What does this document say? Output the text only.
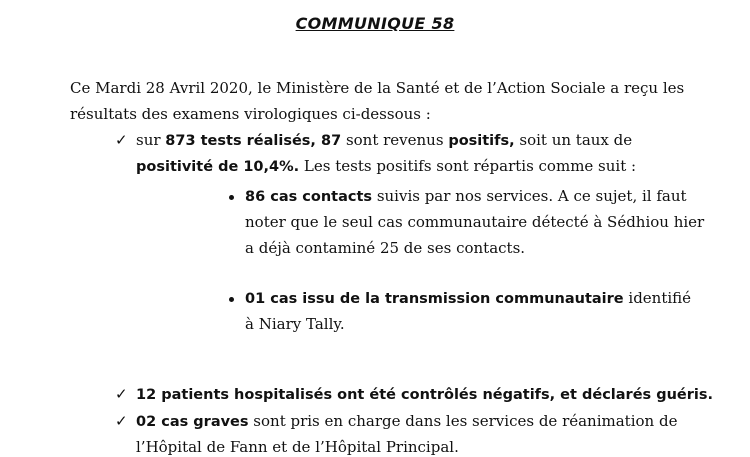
COMMUNIQUE 58
Ce Mardi 28 Avril 2020, le Ministère de la Santé et de l’Action Sociale a reçu les
résultats des examens virologiques ci-dessous :
✓ sur 873 tests réalisés, 87 sont revenus positifs, soit un taux de
positivité de 10,4%. Les tests positifs sont répartis comme suit :
86 cas contacts suivis par nos services. A ce sujet, il faut
noter que le seul cas communautaire détecté à Sédhiou hier
a déjà contaminé 25 de ses contacts.
01 cas issu de la transmission communautaire identifié
à Niary Tally.
✓ 12 patients hospitalisés ont été contrôlés négatifs, et déclarés guéris.
✓ 02 cas graves sont pris en charge dans les services de réanimation de
l’Hôpital de Fann et de l’Hôpital Principal.
